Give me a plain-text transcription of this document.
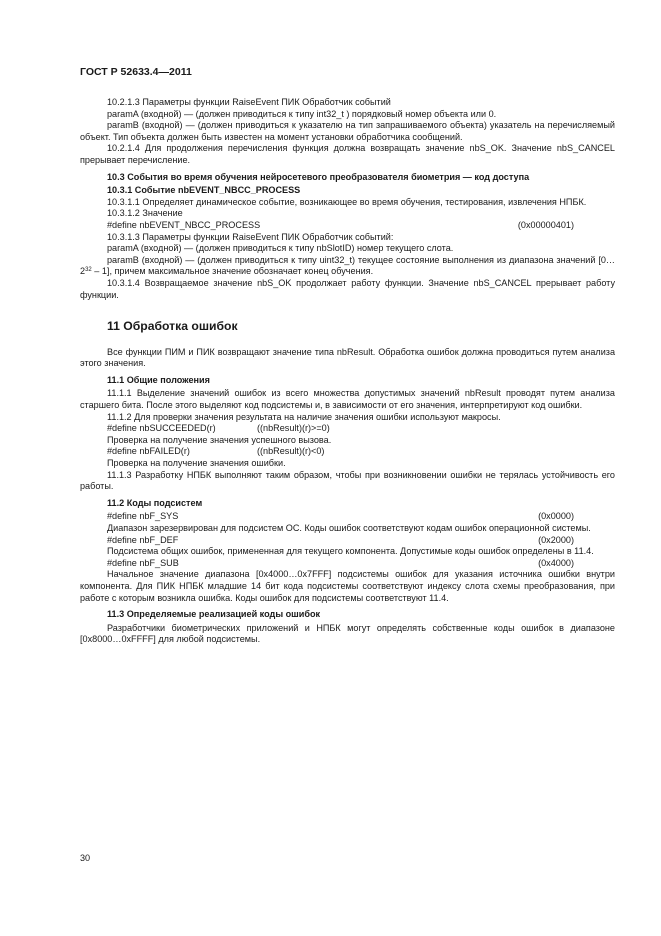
ГОСТ Р 52633.4—2011

10.2.1.3 Параметры функции RaiseEvent ПИК Обработчик событий

paramA (входной) — (должен приводиться к типу int32_t ) порядковый номер объекта или 0.

paramB (входной) — (должен приводиться к указателю на тип запрашиваемого объекта) указатель на перечисляемый объект. Тип объекта должен быть известен на момент установки обработчика сообщений.

10.2.1.4 Для продолжения перечисления функция должна возвращать значение nbS_OK. Значение nbS_CANCEL прерывает перечисление.

10.3 События во время обучения нейросетевого преобразователя биометрия — код доступа

10.3.1 Событие nbEVENT_NBCC_PROCESS

10.3.1.1 Определяет динамическое событие, возникающее во время обучения, тестирования, извлечения НПБК.

10.3.1.2 Значение

#define nbEVENT_NBCC_PROCESS	(0x00000401)

10.3.1.3 Параметры функции RaiseEvent ПИК Обработчик событий:

paramA (входной) — (должен приводиться к типу nbSlotID) номер текущего слота.

paramB (входной) — (должен приводиться к типу uint32_t) текущее состояние выполнения из диапазона значений $[0\dots 2^{32} - 1]$, причем максимальное значение обозначает конец обучения.

10.3.1.4 Возвращаемое значение nbS_OK продолжает работу функции. Значение nbS_CANCEL прерывает работу функции.

11 Обработка ошибок

Все функции ПИМ и ПИК возвращают значение типа nbResult. Обработка ошибок должна проводиться путем анализа этого значения.

11.1 Общие положения

11.1.1 Выделение значений ошибок из всего множества допустимых значений nbResult проводят путем анализа старшего бита. После этого выделяют код подсистемы и, в зависимости от его значения, интерпретируют код ошибки.

11.1.2 Для проверки значения результата на наличие значения ошибки используют макросы.

#define nbSUCCEEDED(r)	((nbResult)(r)>=0)

Проверка на получение значения успешного вызова.

#define nbFAILED(r)	((nbResult)(r)<0)

Проверка на получение значения ошибки.

11.1.3 Разработку НПБК выполняют таким образом, чтобы при возникновении ошибки не терялась устойчивость его работы.

11.2 Коды подсистем

#define nbF_SYS	(0x0000)

Диапазон зарезервирован для подсистем ОС. Коды ошибок соответствуют кодам ошибок операционной системы.

#define nbF_DEF	(0x2000)

Подсистема общих ошибок, примененная для текущего компонента. Допустимые коды ошибок определены в 11.4.

#define nbF_SUB	(0x4000)

Начальное значение диапазона [0x4000…0x7FFF] подсистемы ошибок для указания источника ошибки внутри компонента. Для ПИК НПБК младшие 14 бит кода подсистемы соответствуют индексу слота схемы преобразования, при работе с которым возникла ошибка. Коды ошибок для подсистемы соответствуют 11.4.

11.3 Определяемые реализацией коды ошибок

Разработчики биометрических приложений и НПБК могут определять собственные коды ошибок в диапазоне [0x8000…0xFFFF] для любой подсистемы.

30
